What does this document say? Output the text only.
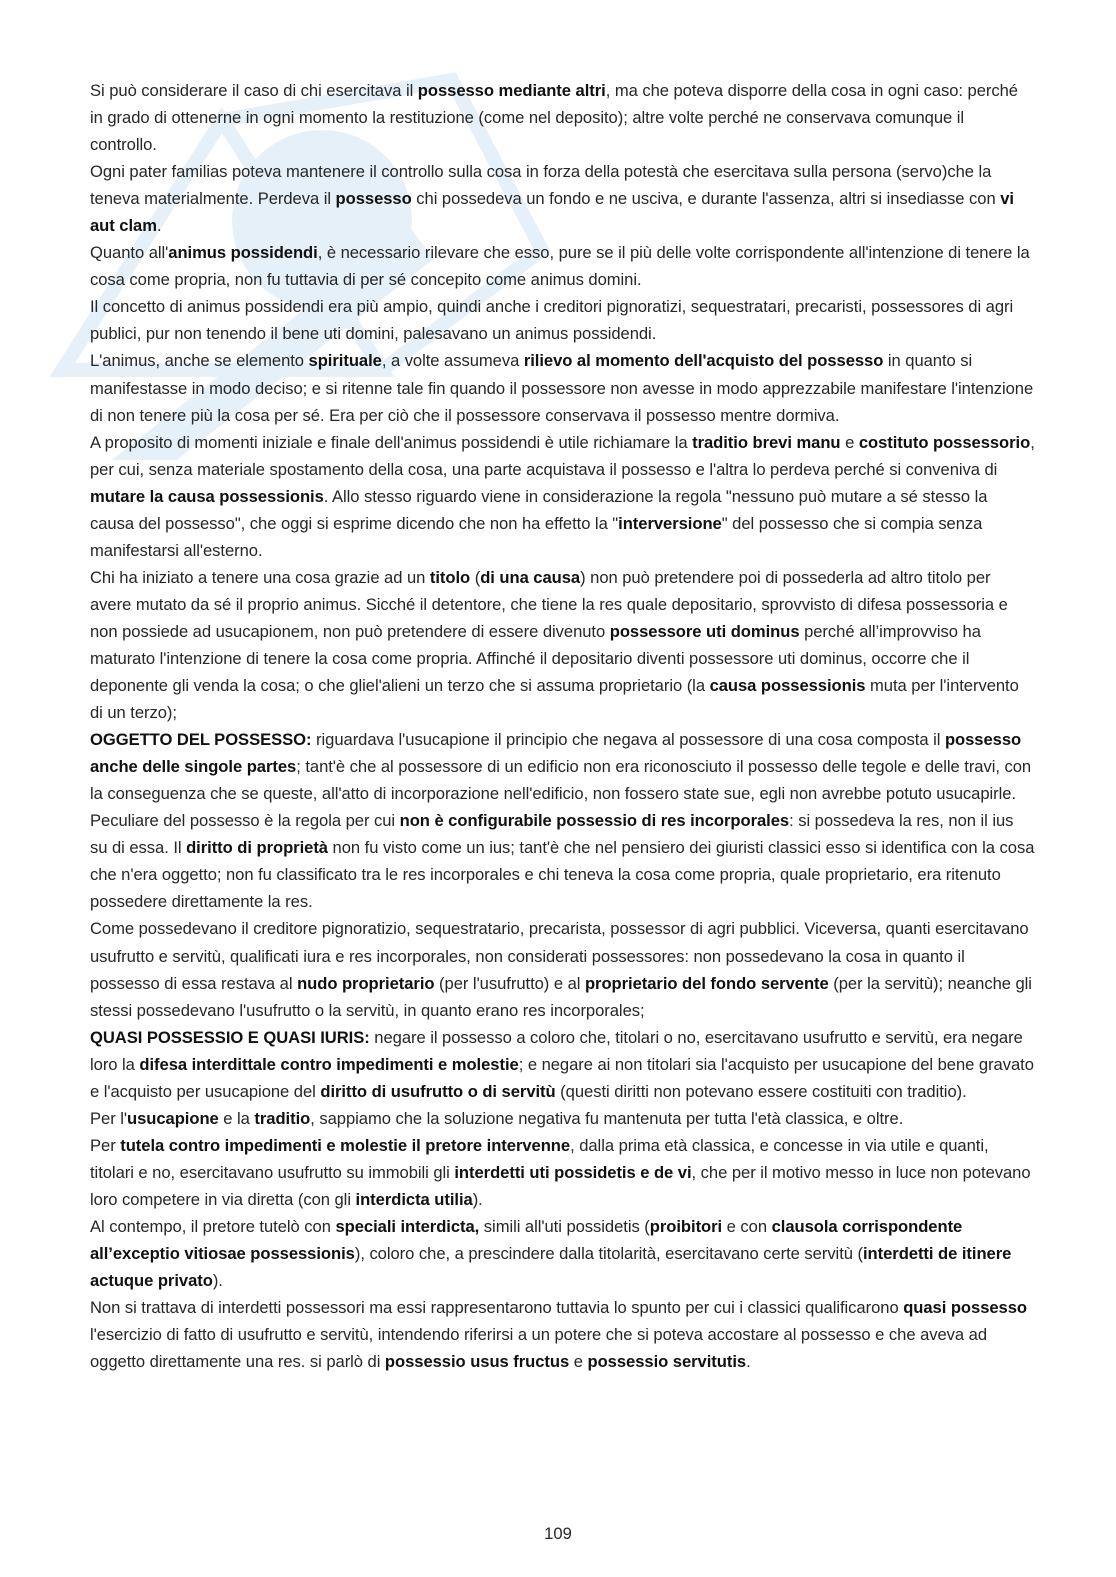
Si può considerare il caso di chi esercitava il possesso mediante altri, ma che poteva disporre della cosa in ogni caso: perché in grado di ottenerne in ogni momento la restituzione (come nel deposito); altre volte perché ne conservava comunque il controllo.

Ogni pater familias poteva mantenere il controllo sulla cosa in forza della potestà che esercitava sulla persona (servo)che la teneva materialmente. Perdeva il possesso chi possedeva un fondo e ne usciva, e durante l'assenza, altri si insediasse con vi aut clam.

Quanto all'animus possidendi, è necessario rilevare che esso, pure se il più delle volte corrispondente all'intenzione di tenere la cosa come propria, non fu tuttavia di per sé concepito come animus domini.

Il concetto di animus possidendi era più ampio, quindi anche i creditori pignoratizi, sequestratari, precaristi, possessores di agri publici, pur non tenendo il bene uti domini, palesavano un animus possidendi.

L'animus, anche se elemento spirituale, a volte assumeva rilievo al momento dell'acquisto del possesso in quanto si manifestasse in modo deciso; e si ritenne tale fin quando il possessore non avesse in modo apprezzabile manifestare l'intenzione di non tenere più la cosa per sé. Era per ciò che il possessore conservava il possesso mentre dormiva.

A proposito di momenti iniziale e finale dell'animus possidendi è utile richiamare la traditio brevi manu e costituto possessorio, per cui, senza materiale spostamento della cosa, una parte acquistava il possesso e l'altra lo perdeva perché si conveniva di mutare la causa possessionis. Allo stesso riguardo viene in considerazione la regola "nessuno può mutare a sé stesso la causa del possesso", che oggi si esprime dicendo che non ha effetto la "interversione" del possesso che si compia senza manifestarsi all'esterno.

Chi ha iniziato a tenere una cosa grazie ad un titolo (di una causa) non può pretendere poi di possederla ad altro titolo per avere mutato da sé il proprio animus. Sicché il detentore, che tiene la res quale depositario, sprovvisto di difesa possessoria e non possiede ad usucapionem, non può pretendere di essere divenuto possessore uti dominus perché all’improvviso ha maturato l'intenzione di tenere la cosa come propria. Affinché il depositario diventi possessore uti dominus, occorre che il deponente gli venda la cosa; o che gliel'alieni un terzo che si assuma proprietario (la causa possessionis muta per l'intervento di un terzo);

OGGETTO DEL POSSESSO: riguardava l'usucapione il principio che negava al possessore di una cosa composta il possesso anche delle singole partes; tant'è che al possessore di un edificio non era riconosciuto il possesso delle tegole e delle travi, con la conseguenza che se queste, all'atto di incorporazione nell'edificio, non fossero state sue, egli non avrebbe potuto usucapirle.

Peculiare del possesso è la regola per cui non è configurabile possessio di res incorporales: si possedeva la res, non il ius su di essa. Il diritto di proprietà non fu visto come un ius; tant'è che nel pensiero dei giuristi classici esso si identifica con la cosa che n'era oggetto; non fu classificato tra le res incorporales e chi teneva la cosa come propria, quale proprietario, era ritenuto possedere direttamente la res.

Come possedevano il creditore pignoratizio, sequestratario, precarista, possessor di agri pubblici. Viceversa, quanti esercitavano usufrutto e servitù, qualificati iura e res incorporales, non considerati possessores: non possedevano la cosa in quanto il possesso di essa restava al nudo proprietario (per l'usufrutto) e al proprietario del fondo servente (per la servitù); neanche gli stessi possedevano l'usufrutto o la servitù, in quanto erano res incorporales;

QUASI POSSESSIO E QUASI IURIS: negare il possesso a coloro che, titolari o no, esercitavano usufrutto e servitù, era negare loro la difesa interdittale contro impedimenti e molestie; e negare ai non titolari sia l'acquisto per usucapione del bene gravato e l'acquisto per usucapione del diritto di usufrutto o di servitù (questi diritti non potevano essere costituiti con traditio).

Per l'usucapione e la traditio, sappiamo che la soluzione negativa fu mantenuta per tutta l'età classica, e oltre.

Per tutela contro impedimenti e molestie il pretore intervenne, dalla prima età classica, e concesse in via utile e quanti, titolari e no, esercitavano usufrutto su immobili gli interdetti uti possidetis e de vi, che per il motivo messo in luce non potevano loro competere in via diretta (con gli interdicta utilia).

Al contempo, il pretore tutelò con speciali interdicta, simili all'uti possidetis (proibitori e con clausola corrispondente all’exceptio vitiosae possessionis), coloro che, a prescindere dalla titolarità, esercitavano certe servitù (interdetti de itinere actuque privato).

Non si trattava di interdetti possessori ma essi rappresentarono tuttavia lo spunto per cui i classici qualificarono quasi possesso l'esercizio di fatto di usufrutto e servitù, intendendo riferirsi a un potere che si poteva accostare al possesso e che aveva ad oggetto direttamente una res. si parlò di possessio usus fructus e possessio servitutis.

109
